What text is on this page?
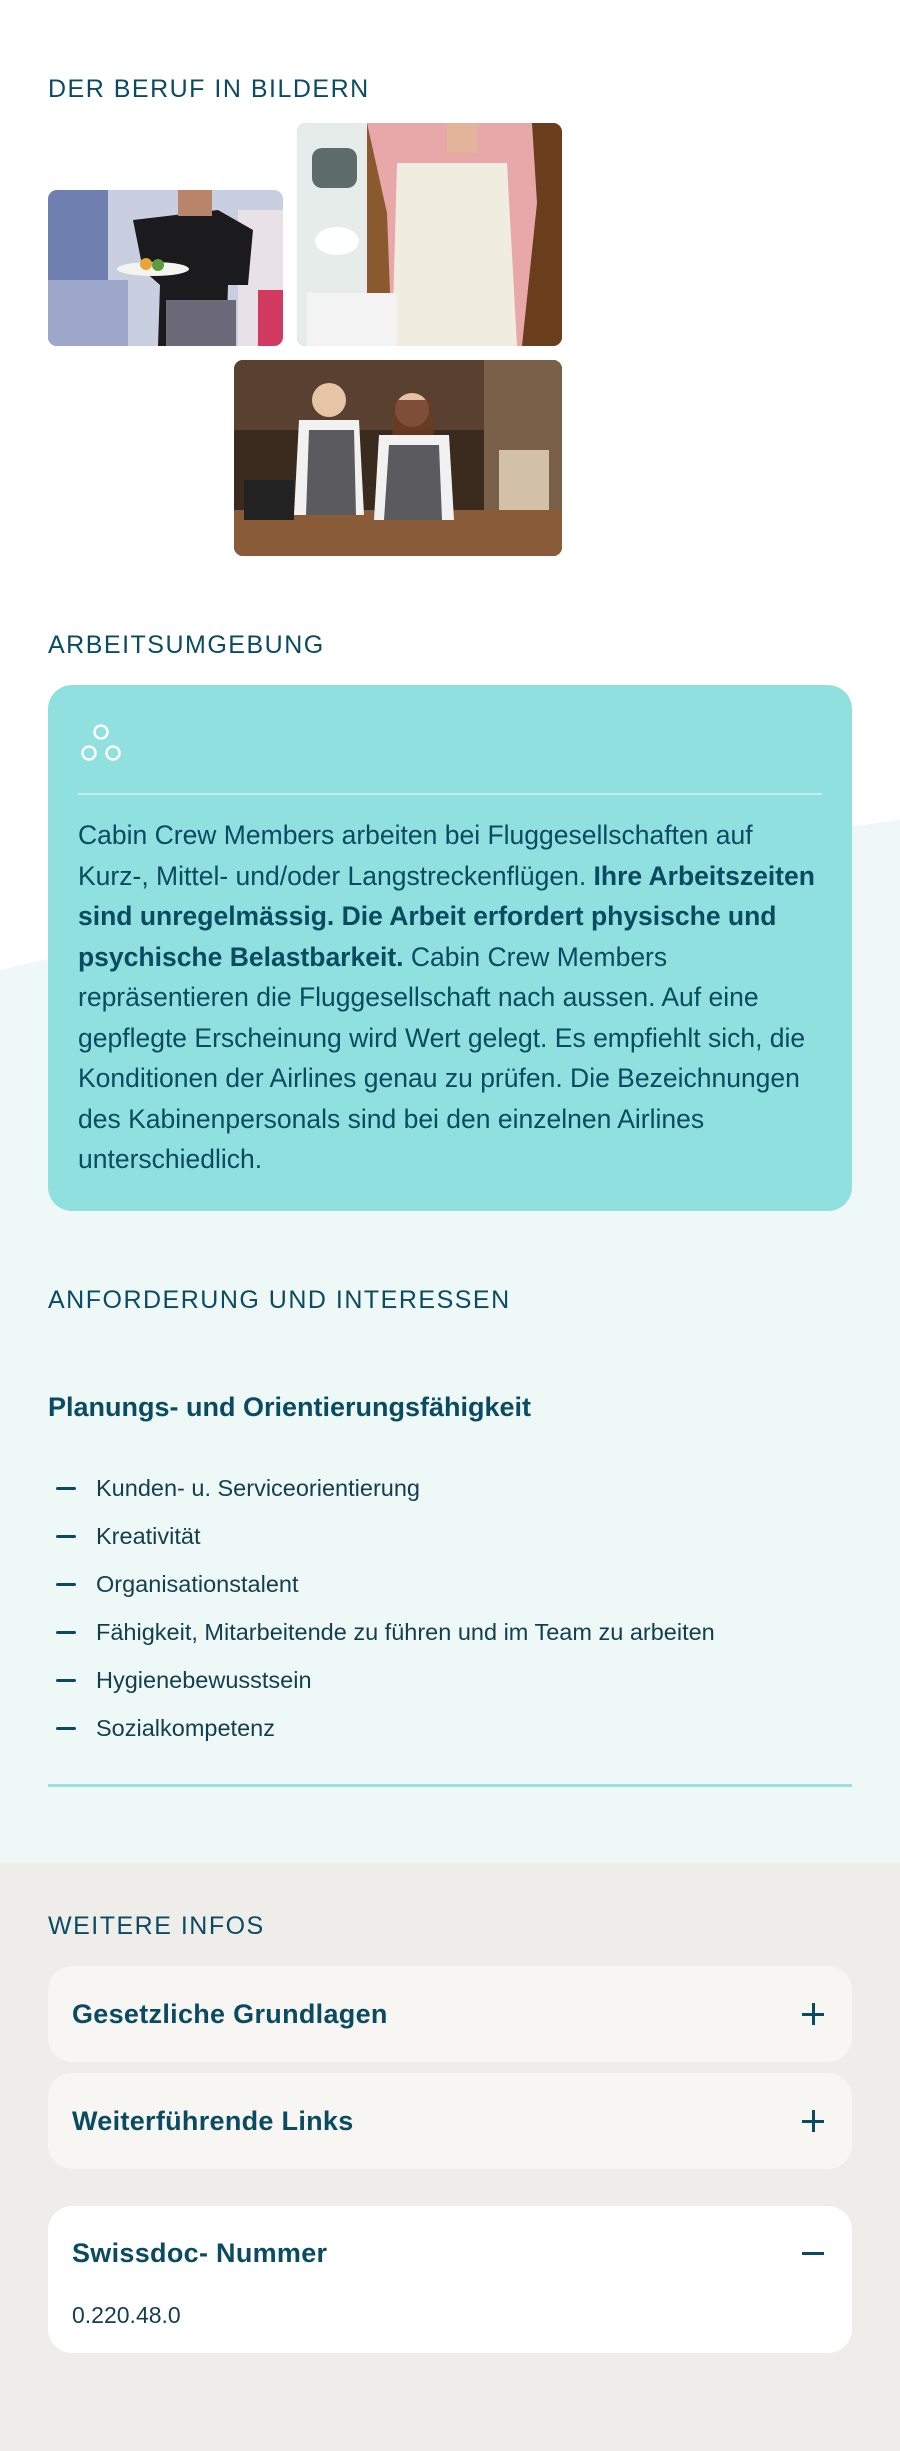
DER BERUF IN BILDERN
ARBEITSUMGEBUNG

Cabin Crew Members arbeiten bei Fluggesellschaften auf Kurz-, Mittel- und/oder Langstreckenflügen. Ihre Arbeitszeiten sind unregelmässig. Die Arbeit erfordert physische und psychische Belastbarkeit. Cabin Crew Members repräsentieren die Fluggesellschaft nach aussen. Auf eine gepflegte Erscheinung wird Wert gelegt. Es empfiehlt sich, die Konditionen der Airlines genau zu prüfen. Die Bezeichnungen des Kabinenpersonals sind bei den einzelnen Airlines unterschiedlich.

ANFORDERUNG UND INTERESSEN
Planungs- und Orientierungsfähigkeit
Kunden- u. Serviceorientierung
Kreativität
Organisationstalent
Fähigkeit, Mitarbeitende zu führen und im Team zu arbeiten
Hygienebewusstsein
Sozialkompetenz
WEITERE INFOS
Gesetzliche Grundlagen
Weiterführende Links
Swissdoc- Nummer
0.220.48.0
